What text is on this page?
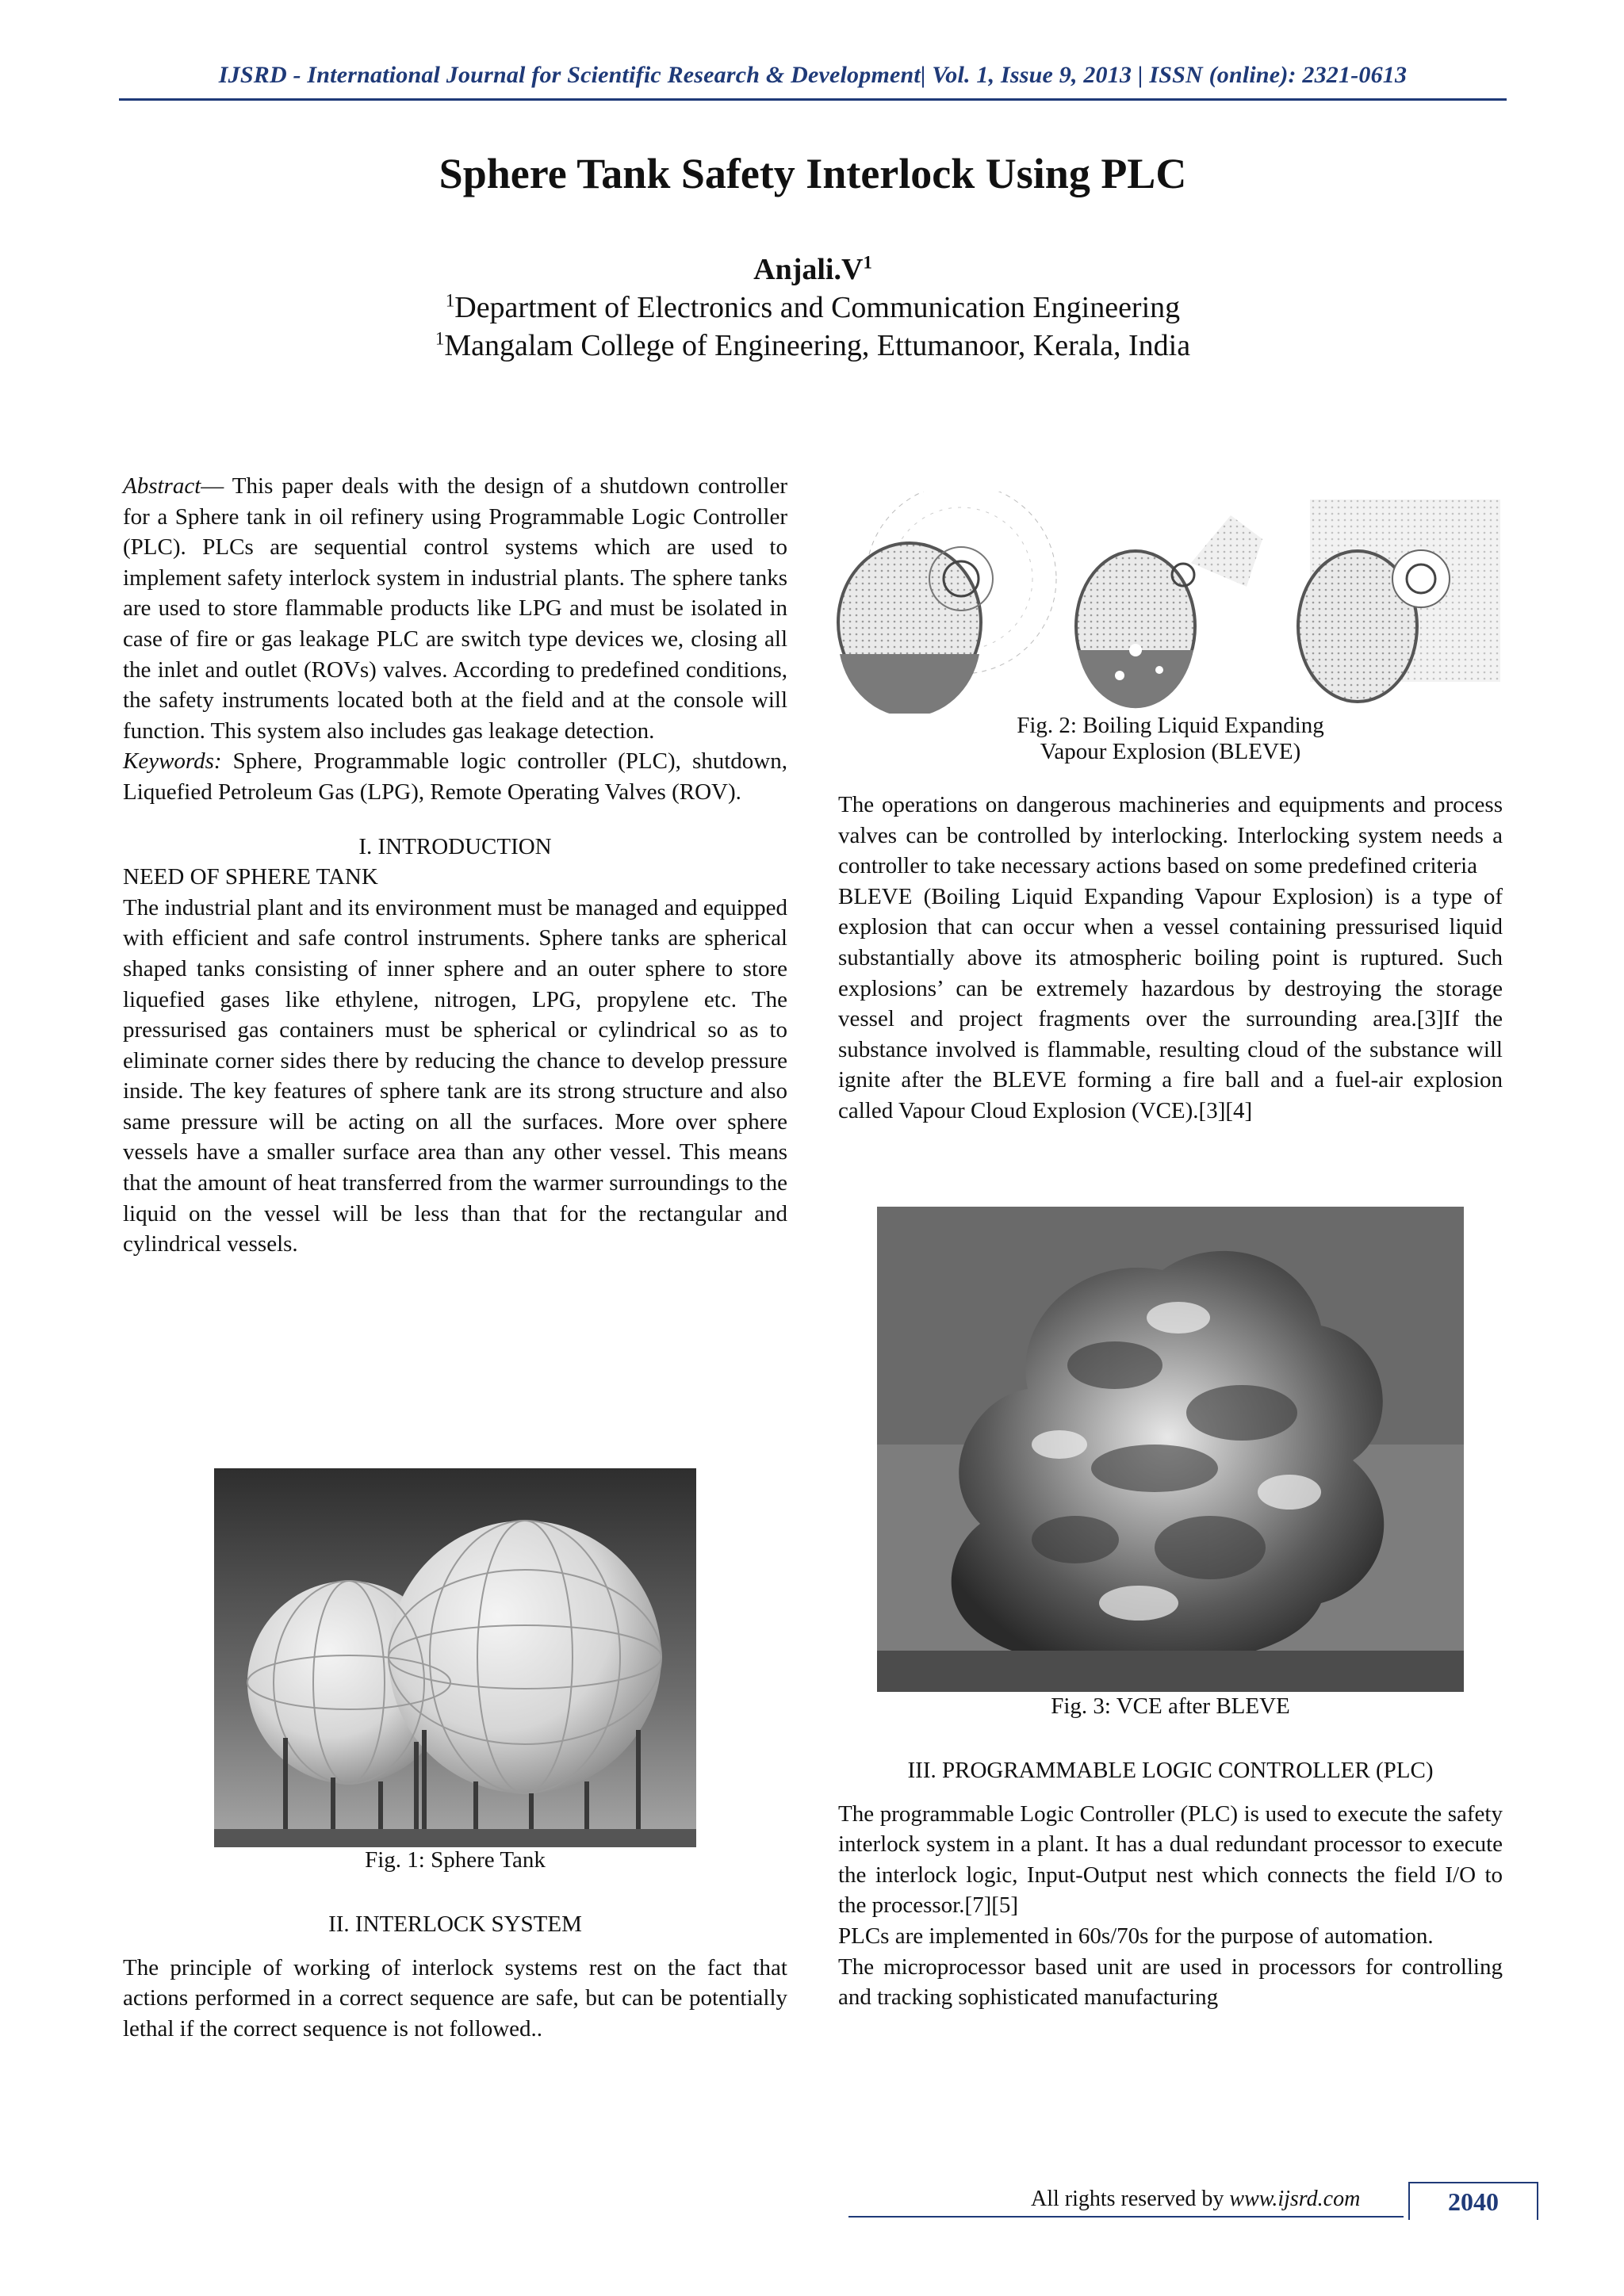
IJSRD - International Journal for Scientific Research & Development| Vol. 1, Issue 9, 2013 | ISSN (online): 2321-0613
Sphere Tank Safety Interlock Using PLC
$Anjali.V^1$
$^1$Department of Electronics and Communication Engineering
$^1$Mangalam College of Engineering, Ettumanoor, Kerala, India

Abstract— This paper deals with the design of a shutdown controller for a Sphere tank in oil refinery using Programmable Logic Controller (PLC). PLCs are sequential control systems which are used to implement safety interlock system in industrial plants. The sphere tanks are used to store flammable products like LPG and must be isolated in case of fire or gas leakage PLC are switch type devices we, closing all the inlet and outlet (ROVs) valves. According to predefined conditions, the safety instruments located both at the field and at the console will function. This system also includes gas leakage detection.

Keywords: Sphere, Programmable logic controller (PLC), shutdown, Liquefied Petroleum Gas (LPG), Remote Operating Valves (ROV).

I. INTRODUCTION

NEED OF SPHERE TANK

The industrial plant and its environment must be managed and equipped with efficient and safe control instruments. Sphere tanks are spherical shaped tanks consisting of inner sphere and an outer sphere to store liquefied gases like ethylene, nitrogen, LPG, propylene etc. The pressurised gas containers must be spherical or cylindrical so as to eliminate corner sides there by reducing the chance to develop pressure inside. The key features of sphere tank are its strong structure and also same pressure will be acting on all the surfaces. More over sphere vessels have a smaller surface area than any other vessel. This means that the amount of heat transferred from the warmer surroundings to the liquid on the vessel will be less than that for the rectangular and cylindrical vessels.

Fig. 1: Sphere Tank

II. INTERLOCK SYSTEM

The principle of working of interlock systems rest on the fact that actions performed in a correct sequence are safe, but can be potentially lethal if the correct sequence is not followed..

Fig. 2: Boiling Liquid Expanding
Vapour Explosion (BLEVE)

The operations on dangerous machineries and equipments and process valves can be controlled by interlocking. Interlocking system needs a controller to take necessary actions based on some predefined criteria

BLEVE (Boiling Liquid Expanding Vapour Explosion) is a type of explosion that can occur when a vessel containing pressurised liquid substantially above its atmospheric boiling point is ruptured. Such explosions’ can be extremely hazardous by destroying the storage vessel and project fragments over the surrounding area.[3]If the substance involved is flammable, resulting cloud of the substance will ignite after the BLEVE forming a fire ball and a fuel-air explosion called Vapour Cloud Explosion (VCE).[3][4]

Fig. 3: VCE after BLEVE

III. PROGRAMMABLE LOGIC CONTROLLER (PLC)

The programmable Logic Controller (PLC) is used to execute the safety interlock system in a plant. It has a dual redundant processor to execute the interlock logic, Input-Output nest which connects the field I/O to the processor.[7][5]

PLCs are implemented in 60s/70s for the purpose of automation.

The microprocessor based unit are used in processors for controlling and tracking sophisticated manufacturing

All rights reserved by www.ijsrd.com	2040
